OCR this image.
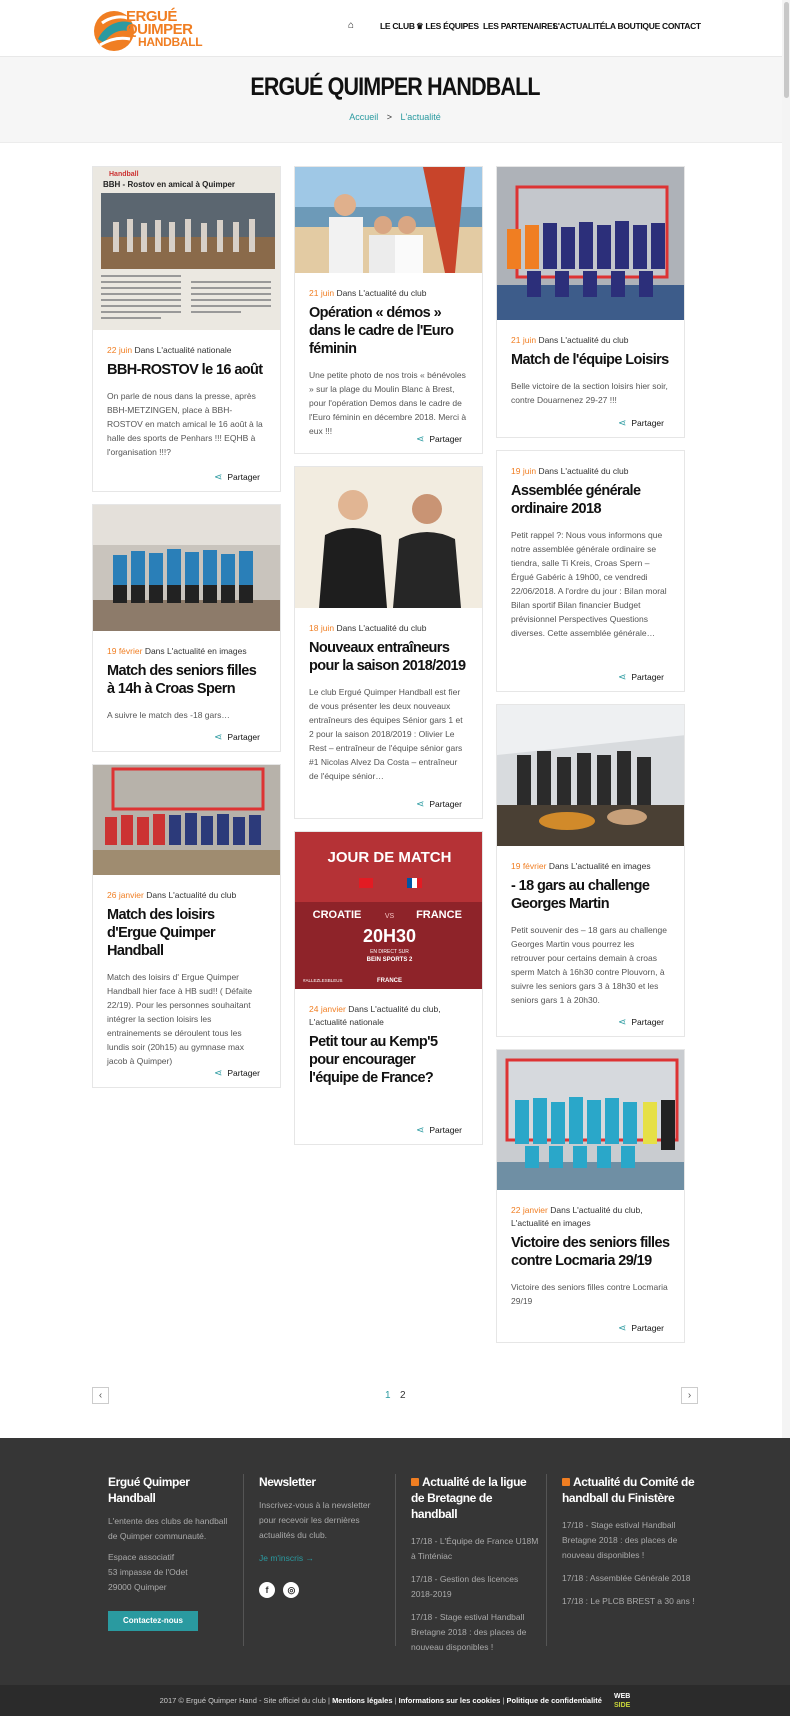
ERGUÉ
QUIMPER
HANDBALL
⌂	LE CLUB ♛ LES ÉQUIPES LES PARTENAIRES
L'ACTUALITÉ LA BOUTIQUE CONTACT
ERGUÉ QUIMPER HANDBALL
Accueil > L'actualité
Handball
BBH - Rostov en amical à Quimper
22 juin Dans L'actualité nationale
BBH-ROSTOV le 16 août
On parle de nous dans la presse, après BBH-METZINGEN, place à BBH-ROSTOV en match amical le 16 août à la halle des sports de Penhars !!! EQHB à l'organisation !!!?
⋖ Partager
19 février Dans L'actualité en images
Match des seniors filles à 14h à Croas Spern
A suivre le match des -18 gars…
⋖ Partager
26 janvier Dans L'actualité du club
Match des loisirs d'Ergue Quimper Handball
Match des loisirs d' Ergue Quimper Handball hier face à HB sud!! ( Défaite 22/19). Pour les personnes souhaitant intégrer la section loisirs les entrainements se déroulent tous les lundis soir (20h15) au gymnase max jacob à Quimper)
⋖ Partager
21 juin Dans L'actualité du club
Opération « démos » dans le cadre de l'Euro féminin
Une petite photo de nos trois « bénévoles » sur la plage du Moulin Blanc à Brest, pour l'opération Demos dans le cadre de l'Euro féminin en décembre 2018. Merci à eux !!!
⋖ Partager
18 juin Dans L'actualité du club
Nouveaux entraîneurs pour la saison 2018/2019
Le club Ergué Quimper Handball est fier de vous présenter les deux nouveaux entraîneurs des équipes Sénior gars 1 et 2 pour la saison 2018/2019 : Olivier Le Rest – entraîneur de l'équipe sénior gars #1 Nicolas Alvez Da Costa – entraîneur de l'équipe sénior…
⋖ Partager
JOUR DE MATCH
CROATIE	VS FRANCE
20H30
EN DIRECT SUR
BEIN SPORTS 2
#ALLEZLESBLEUS	FRANCE
24 janvier Dans L'actualité du club, L'actualité nationale
Petit tour au Kemp'5 pour encourager l'équipe de France?
⋖ Partager
21 juin Dans L'actualité du club
Match de l'équipe Loisirs
Belle victoire de la section loisirs hier soir, contre Douarnenez 29-27 !!!
⋖ Partager
19 juin Dans L'actualité du club
Assemblée générale ordinaire 2018
Petit rappel ?: Nous vous informons que notre assemblée générale ordinaire se tiendra, salle Ti Kreis, Croas Spern – Érgué Gabéric à 19h00, ce vendredi 22/06/2018. A l'ordre du jour : Bilan moral Bilan sportif Bilan financier Budget prévisionnel Perspectives Questions diverses. Cette assemblée générale…
⋖ Partager
19 février Dans L'actualité en images
- 18 gars au challenge Georges Martin
Petit souvenir des – 18 gars au challenge Georges Martin vous pourrez les retrouver pour certains demain à croas sperm Match à 16h30 contre Plouvorn, à suivre les seniors gars 3 à 18h30 et les seniors gars 1 à 20h30.
⋖ Partager
22 janvier Dans L'actualité du club, L'actualité en images
Victoire des seniors filles contre Locmaria 29/19
Victoire des seniors filles contre Locmaria 29/19
⋖ Partager
‹	1 2	›
Ergué Quimper Handball

L'entente des clubs de handball de Quimper communauté.

Espace associatif
53 impasse de l'Odet
29000 Quimper

Contactez-nous
Newsletter

Inscrivez-vous à la newsletter pour recevoir les dernières actualités du club.

Je m'inscris →

f ◎
Actualité de la ligue de Bretagne de handball

17/18 - L'Équipe de France U18M à Tinténiac

17/18 - Gestion des licences 2018-2019

17/18 - Stage estival Handball Bretagne 2018 : des places de nouveau disponibles !

Actualité du Comité de handball du Finistère

17/18 - Stage estival Handball Bretagne 2018 : des places de nouveau disponibles !

17/18 : Assemblée Générale 2018

17/18 : Le PLCB BREST a 30 ans !

2017 © Ergué Quimper Hand - Site officiel du club | Mentions légales | Informations sur les cookies | Politique de confidentialité WEB
SIDE
